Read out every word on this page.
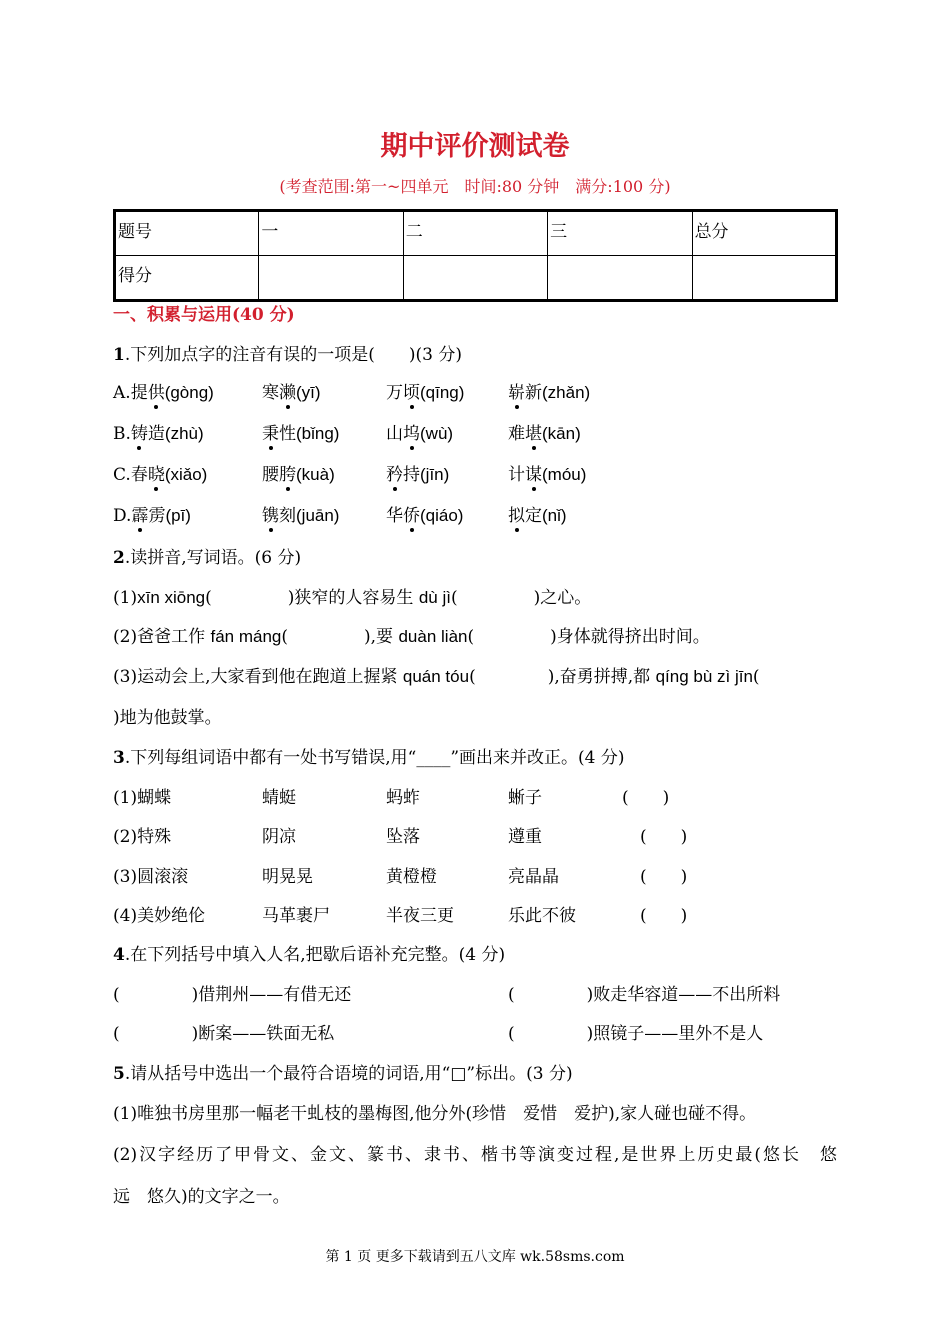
期中评价测试卷
(考查范围:第一~四单元　时间:80 分钟　满分:100 分)
题号	一	二	三	总分
得分				
一、积累与运用(40 分)
1.下列加点字的注音有误的一项是(　　)(3 分)
A.提供(gòng)	寒濑(yī)	万顷(qīng)	崭新(zhǎn)
B.铸造(zhù)	秉性(bǐng)	山坞(wù)	难堪(kān)
C.春晓(xiǎo)	腰胯(kuà)	矜持(jīn)	计谋(móu)
D.霹雳(pī)	镌刻(juān)	华侨(qiáo)	拟定(nǐ)
2.读拼音,写词语。(6 分)
(1)xīn xiōng(	)狭窄的人容易生 dù jì(	)之心。
(2)爸爸工作 fán máng(	),要 duàn liàn(	)身体就得挤出时间。
(3)运动会上,大家看到他在跑道上握紧 quán tóu(	),奋勇拼搏,都 qíng bù zì jīn(
)地为他鼓掌。
3.下列每组词语中都有一处书写错误,用“____”画出来并改正。(4 分)
(1)蝴蝶	蜻蜓	蚂蚱	蜥子	(　　)
(2)特殊	阴凉	坠落	遵重	(　　)
(3)圆滚滚	明晃晃	黄橙橙	亮晶晶	(　　)
(4)美妙绝伦	马革裹尸	半夜三更	乐此不彼	(　　)
4.在下列括号中填入人名,把歇后语补充完整。(4 分)
(	)借荆州——有借无还	(	)败走华容道——不出所料
(	)断案——铁面无私	(	)照镜子——里外不是人
5.请从括号中选出一个最符合语境的词语,用“□”标出。(3 分)
(1)唯独书房里那一幅老干虬枝的墨梅图,他分外(珍惜　爱惜　爱护),家人碰也碰不得。
(2)汉字经历了甲骨文、金文、篆书、隶书、楷书等演变过程,是世界上历史最(悠长　悠
远　悠久)的文字之一。
第 1 页 更多下载请到五八文库 wk.58sms.com
